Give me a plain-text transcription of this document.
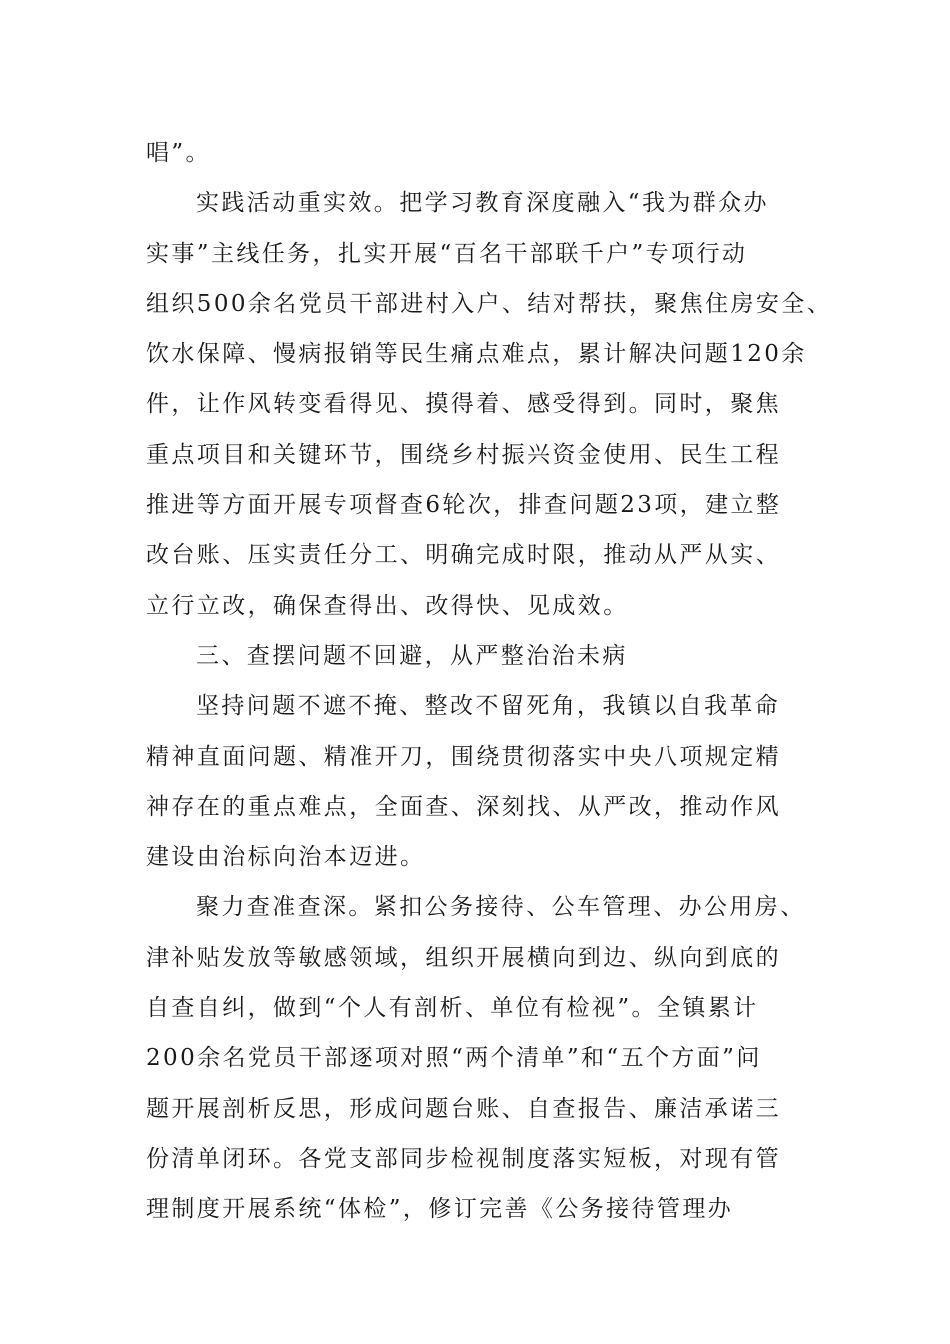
唱”。
实践活动重实效。把学习教育深度融入“我为群众办
实事”主线任务，扎实开展“百名干部联千户”专项行动
组织500余名党员干部进村入户、结对帮扶，聚焦住房安全、
饮水保障、慢病报销等民生痛点难点，累计解决问题120余
件，让作风转变看得见、摸得着、感受得到。同时，聚焦
重点项目和关键环节，围绕乡村振兴资金使用、民生工程
推进等方面开展专项督查6轮次，排查问题23项，建立整
改台账、压实责任分工、明确完成时限，推动从严从实、
立行立改，确保查得出、改得快、见成效。
三、查摆问题不回避，从严整治治未病
坚持问题不遮不掩、整改不留死角，我镇以自我革命
精神直面问题、精准开刀，围绕贯彻落实中央八项规定精
神存在的重点难点，全面查、深刻找、从严改，推动作风
建设由治标向治本迈进。
聚力查准查深。紧扣公务接待、公车管理、办公用房、
津补贴发放等敏感领域，组织开展横向到边、纵向到底的
自查自纠，做到“个人有剖析、单位有检视”。全镇累计
200余名党员干部逐项对照“两个清单”和“五个方面”问
题开展剖析反思，形成问题台账、自查报告、廉洁承诺三
份清单闭环。各党支部同步检视制度落实短板，对现有管
理制度开展系统“体检”，修订完善《公务接待管理办
